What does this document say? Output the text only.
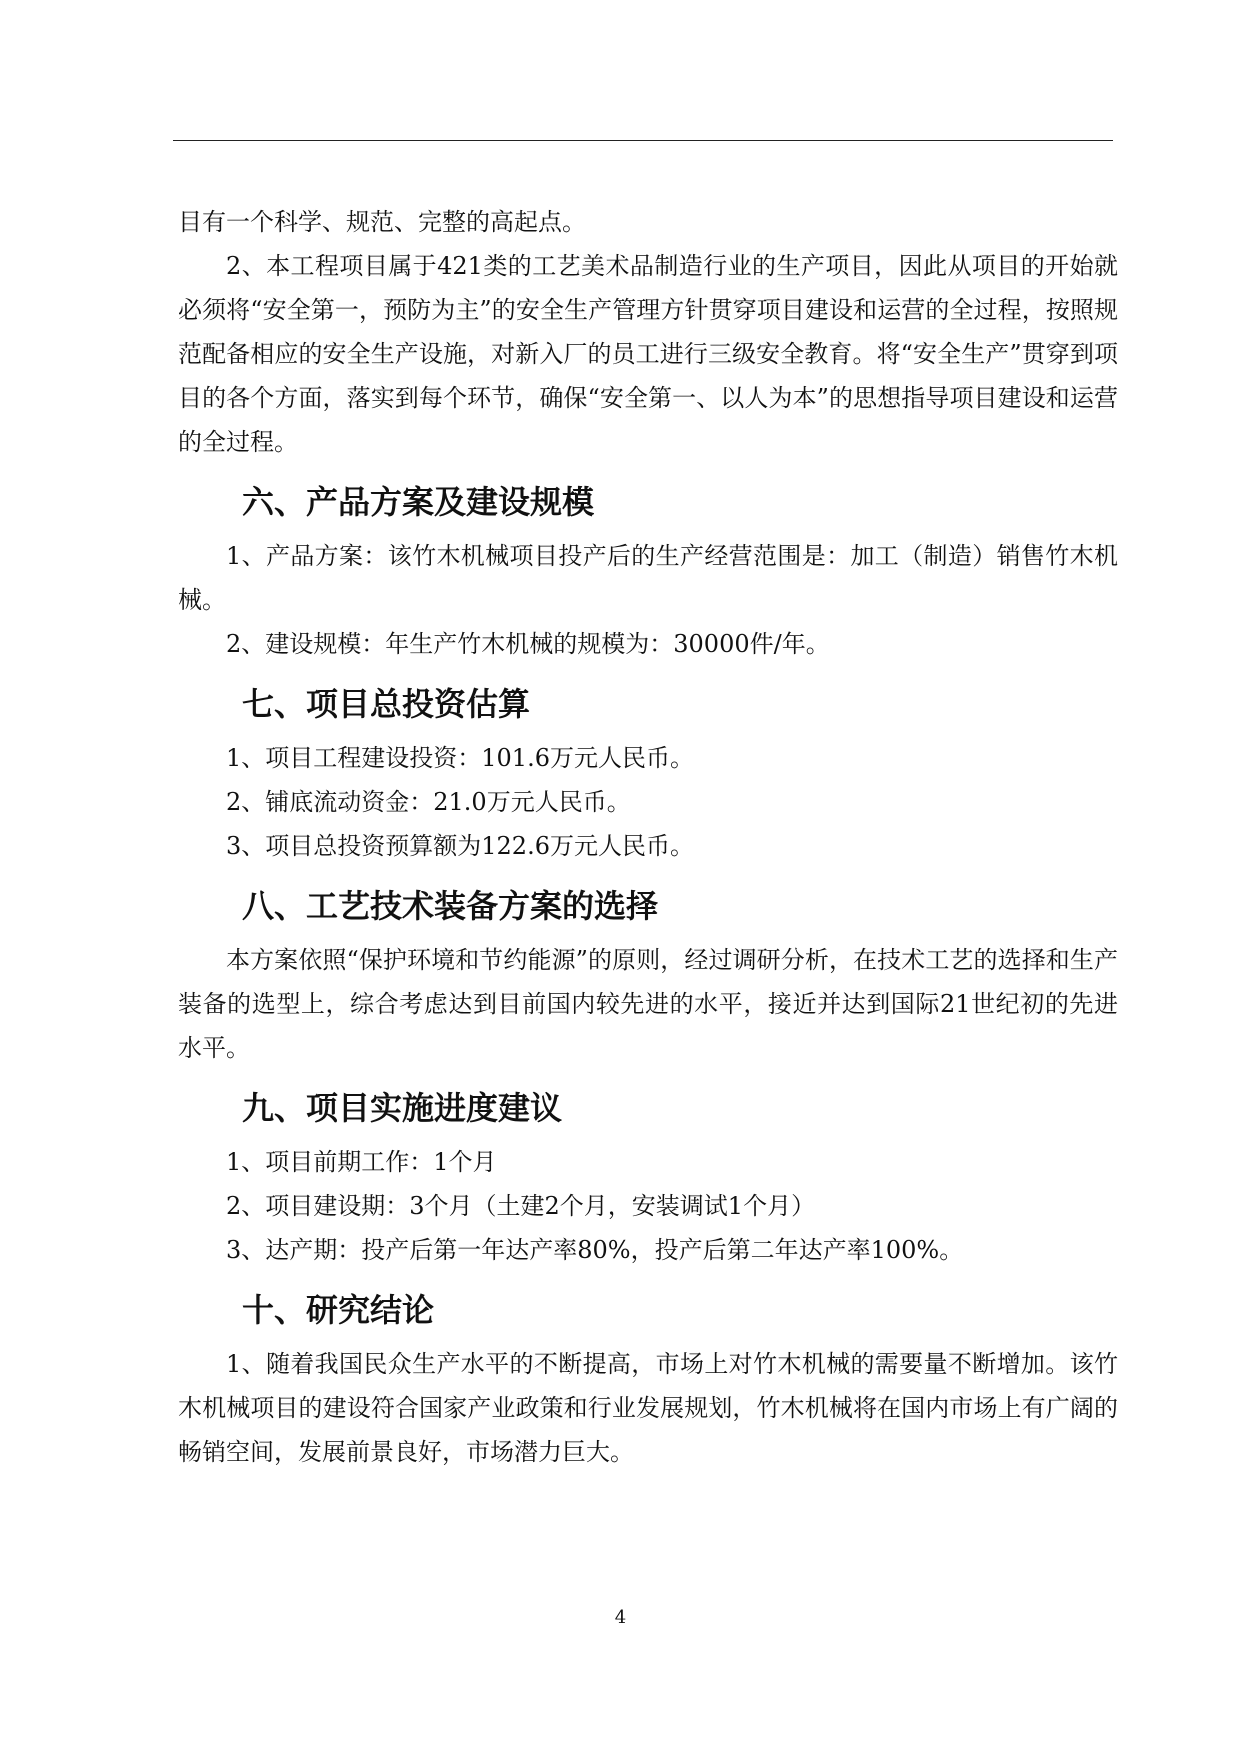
目有一个科学、规范、完整的高起点。

2、本工程项目属于421类的工艺美术品制造行业的生产项目，因此从项目的开始就必须将“安全第一，预防为主”的安全生产管理方针贯穿项目建设和运营的全过程，按照规范配备相应的安全生产设施，对新入厂的员工进行三级安全教育。将“安全生产”贯穿到项目的各个方面，落实到每个环节，确保“安全第一、以人为本”的思想指导项目建设和运营的全过程。

六、产品方案及建设规模

1、产品方案：该竹木机械项目投产后的生产经营范围是：加工（制造）销售竹木机械。

2、建设规模：年生产竹木机械的规模为：30000件/年。

七、项目总投资估算

1、项目工程建设投资：101.6万元人民币。

2、铺底流动资金：21.0万元人民币。

3、项目总投资预算额为122.6万元人民币。

八、工艺技术装备方案的选择

本方案依照“保护环境和节约能源”的原则，经过调研分析，在技术工艺的选择和生产装备的选型上，综合考虑达到目前国内较先进的水平，接近并达到国际21世纪初的先进水平。

九、项目实施进度建议

1、项目前期工作：1个月

2、项目建设期：3个月（土建2个月，安装调试1个月）

3、达产期：投产后第一年达产率80%，投产后第二年达产率100%。

十、研究结论

1、随着我国民众生产水平的不断提高，市场上对竹木机械的需要量不断增加。该竹木机械项目的建设符合国家产业政策和行业发展规划，竹木机械将在国内市场上有广阔的畅销空间，发展前景良好，市场潜力巨大。

4
